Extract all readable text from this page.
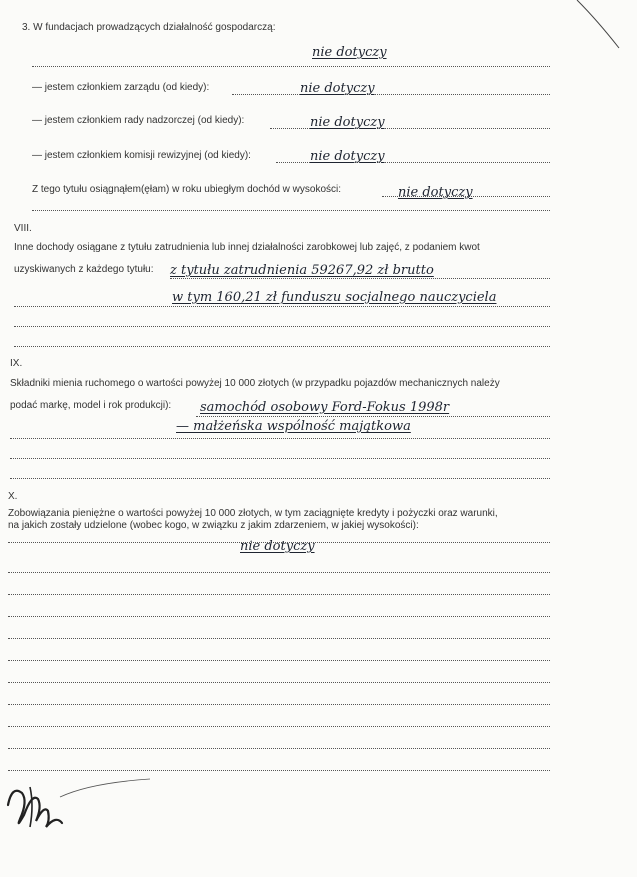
3. W fundacjach prowadzących działalność gospodarczą:
nie dotyczy
— jestem członkiem zarządu (od kiedy):	nie dotyczy
— jestem członkiem rady nadzorczej (od kiedy):	nie dotyczy
— jestem członkiem komisji rewizyjnej (od kiedy):	nie dotyczy
Z tego tytułu osiągnąłem(ęłam) w roku ubiegłym dochód w wysokości:	nie dotyczy
VIII.
Inne dochody osiągane z tytułu zatrudnienia lub innej działalności zarobkowej lub zajęć, z podaniem kwot
uzyskiwanych z każdego tytułu: z tytułu zatrudnienia 59267,92 zł brutto
w tym 160,21 zł funduszu socjalnego nauczyciela
IX.
Składniki mienia ruchomego o wartości powyżej 10 000 złotych (w przypadku pojazdów mechanicznych należy
podać markę, model i rok produkcji): samochód osobowy Ford-Fokus 1998r
— małżeńska wspólność majątkowa
X.
Zobowiązania pieniężne o wartości powyżej 10 000 złotych, w tym zaciągnięte kredyty i pożyczki oraz warunki,
na jakich zostały udzielone (wobec kogo, w związku z jakim zdarzeniem, w jakiej wysokości):
nie dotyczy
